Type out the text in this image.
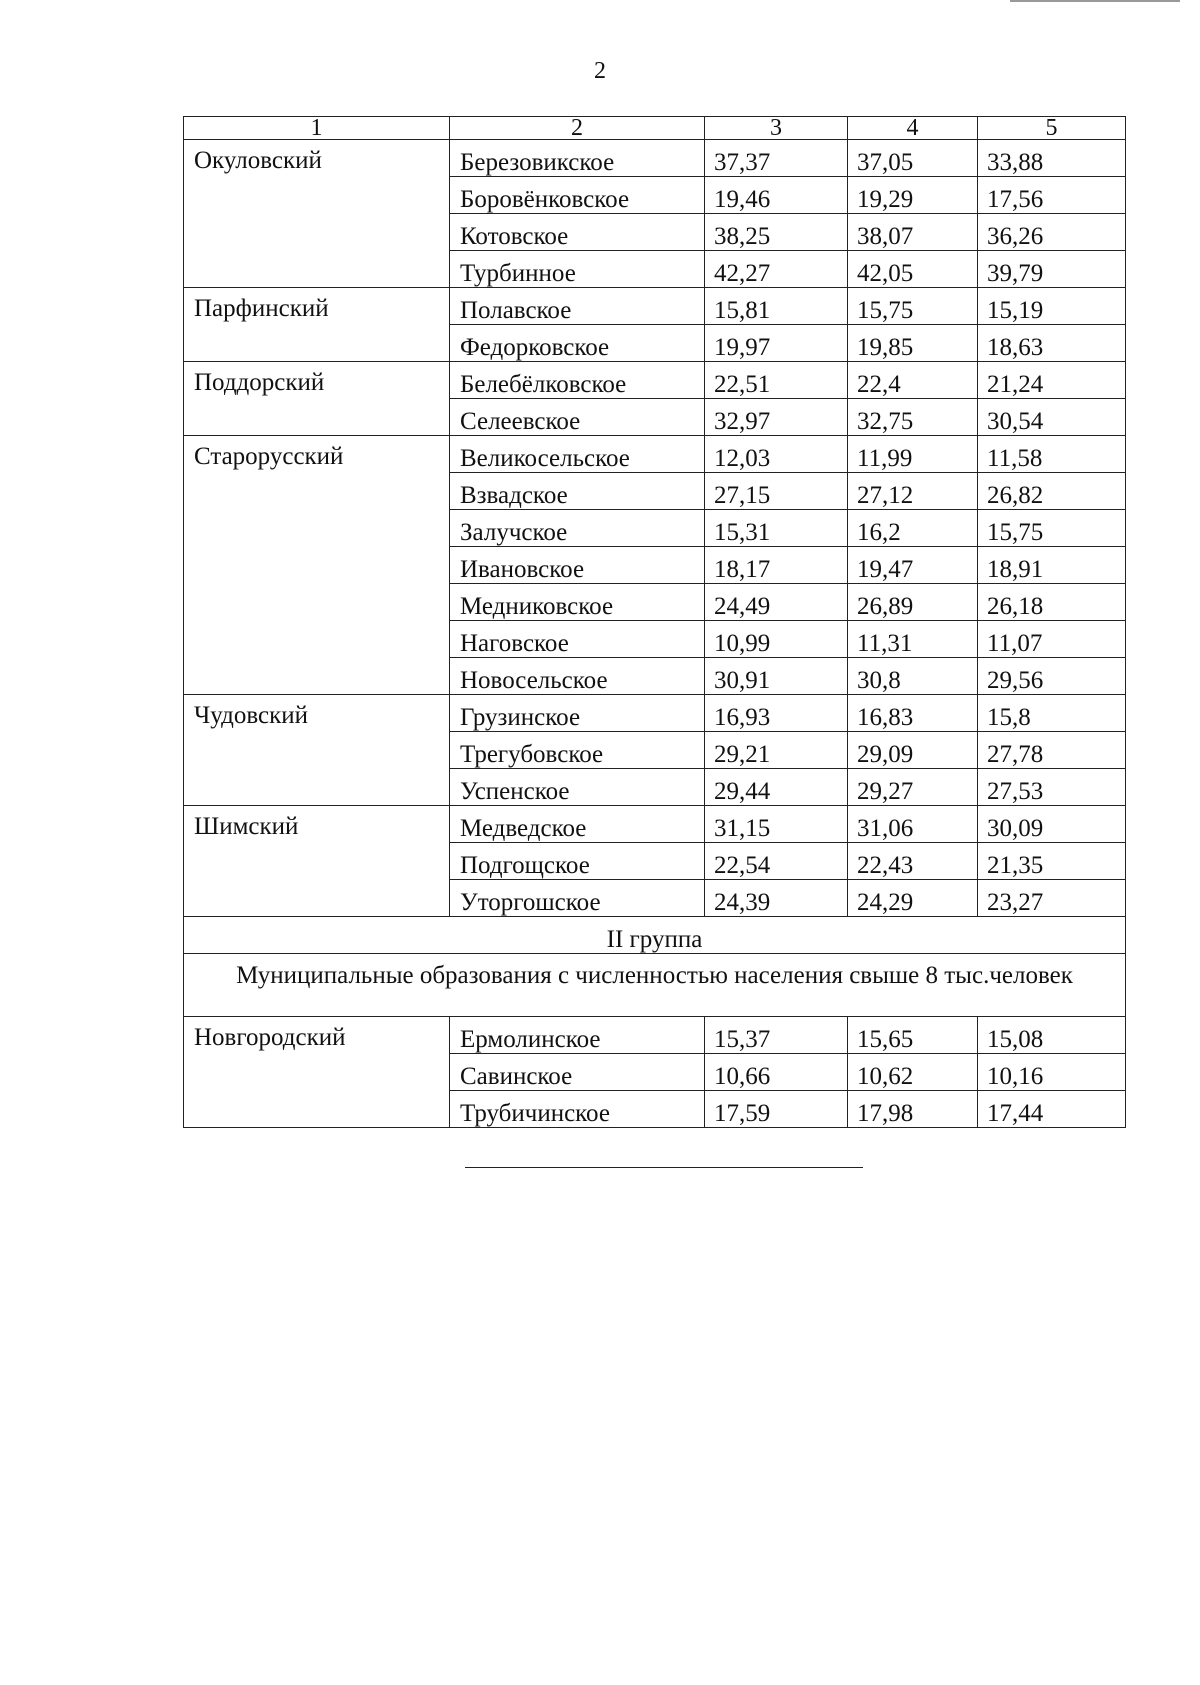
2
1	2	3	4	5
Окуловский	Березовикское	37,37	37,05	33,88
	Боровёнковское	19,46	19,29	17,56
	Котовское	38,25	38,07	36,26
	Турбинное	42,27	42,05	39,79
Парфинский	Полавское	15,81	15,75	15,19
	Федорковское	19,97	19,85	18,63
Поддорский	Белебёлковское	22,51	22,4	21,24
	Селеевское	32,97	32,75	30,54
Старорусский	Великосельское	12,03	11,99	11,58
	Взвадское	27,15	27,12	26,82
	Залучское	15,31	16,2	15,75
	Ивановское	18,17	19,47	18,91
	Медниковское	24,49	26,89	26,18
	Наговское	10,99	11,31	11,07
	Новосельское	30,91	30,8	29,56
Чудовский	Грузинское	16,93	16,83	15,8
	Трегубовское	29,21	29,09	27,78
	Успенское	29,44	29,27	27,53
Шимский	Медведское	31,15	31,06	30,09
	Подгощское	22,54	22,43	21,35
	Уторгошское	24,39	24,29	23,27
II группа				
Муниципальные образования с численностью населения свыше 8 тыс.человек				
Новгородский	Ермолинское	15,37	15,65	15,08
	Савинское	10,66	10,62	10,16
	Трубичинское	17,59	17,98	17,44
